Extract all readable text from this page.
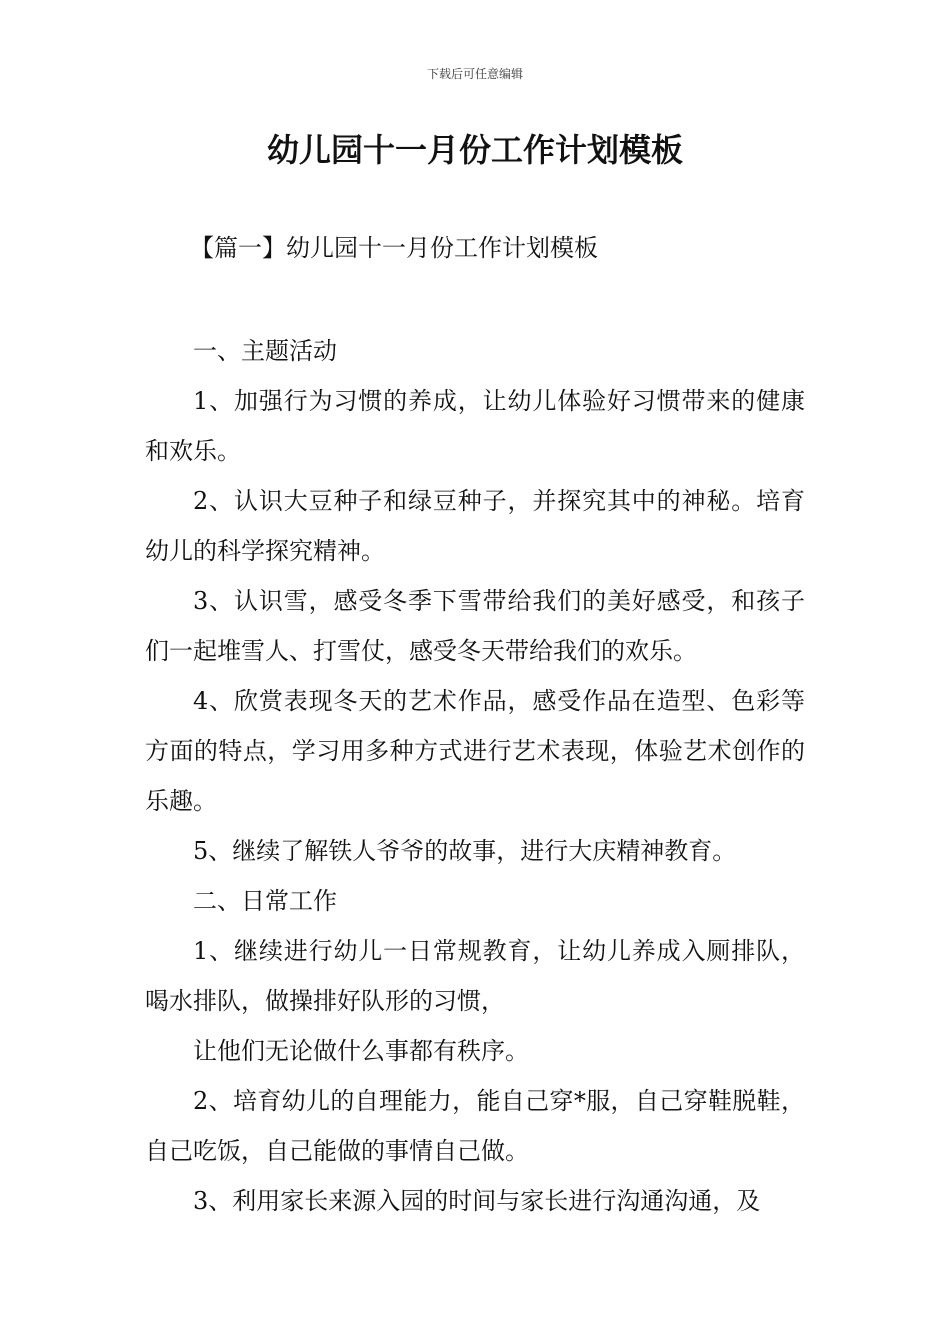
下载后可任意编辑
幼儿园十一月份工作计划模板
【篇一】幼儿园十一月份工作计划模板

一、主题活动

1、加强行为习惯的养成，让幼儿体验好习惯带来的健康和欢乐。

2、认识大豆种子和绿豆种子，并探究其中的神秘。培育幼儿的科学探究精神。

3、认识雪，感受冬季下雪带给我们的美好感受，和孩子们一起堆雪人、打雪仗，感受冬天带给我们的欢乐。

4、欣赏表现冬天的艺术作品，感受作品在造型、色彩等方面的特点，学习用多种方式进行艺术表现，体验艺术创作的乐趣。

5、继续了解铁人爷爷的故事，进行大庆精神教育。

二、日常工作

1、继续进行幼儿一日常规教育，让幼儿养成入厕排队，喝水排队，做操排好队形的习惯，

让他们无论做什么事都有秩序。

2、培育幼儿的自理能力，能自己穿*服，自己穿鞋脱鞋，自己吃饭，自己能做的事情自己做。

3、利用家长来源入园的时间与家长进行沟通沟通，及
